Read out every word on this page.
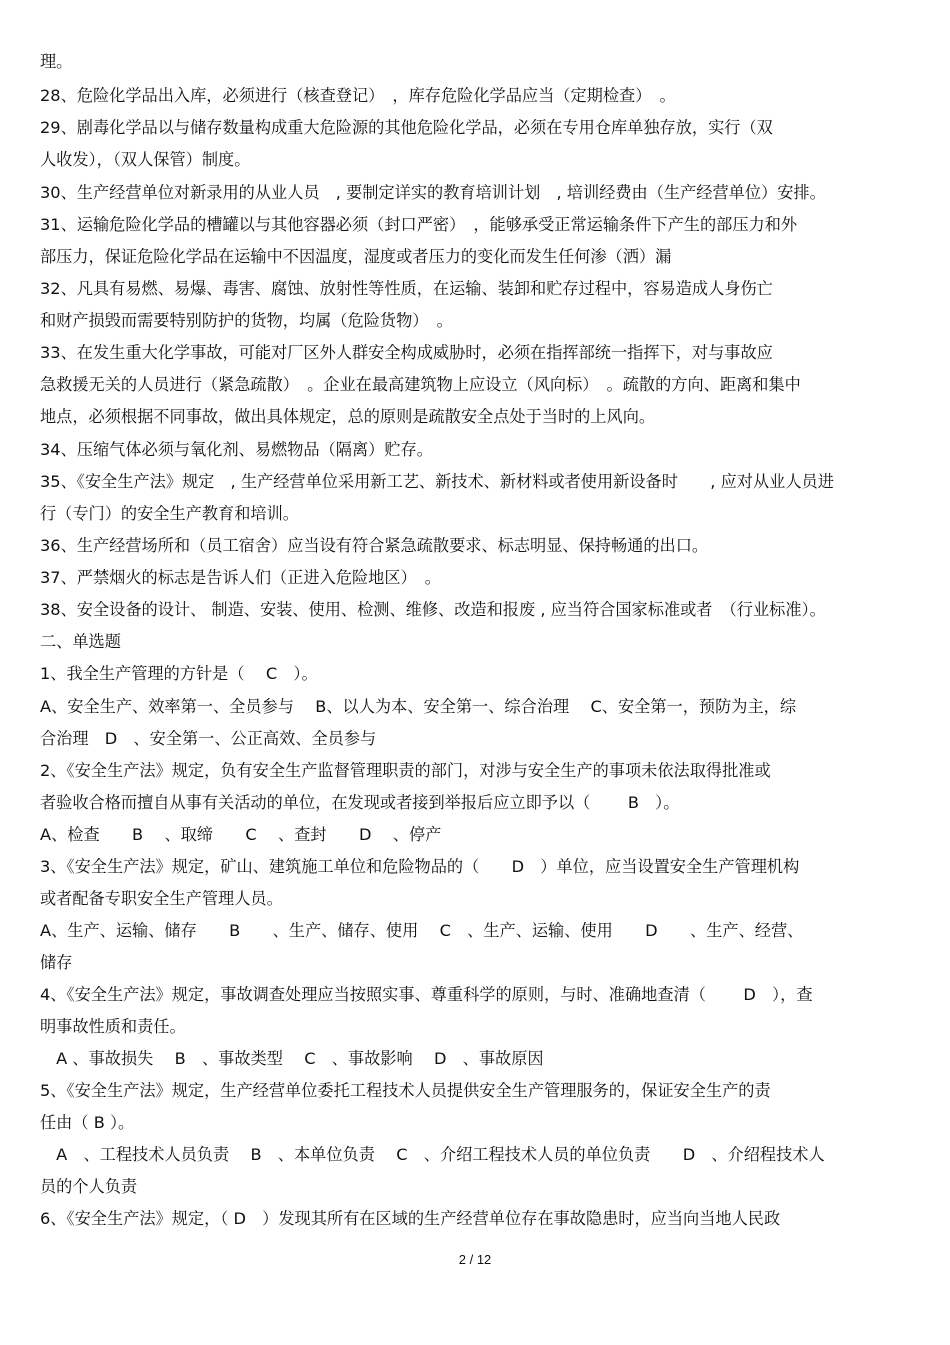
理。
28、危险化学品出入库，必须进行（核查登记）　，库存危险化学品应当（定期检查）　。
29、剧毒化学品以与储存数量构成重大危险源的其他危险化学品，必须在专用仓库单独存放，实行（双
人收发），（双人保管）制度。
30、生产经营单位对新录用的从业人员　, 要制定详实的教育培训计划　, 培训经费由（生产经营单位）安排。
31、运输危险化学品的槽罐以与其他容器必须（封口严密）　，能够承受正常运输条件下产生的部压力和外
部压力，保证危险化学品在运输中不因温度，湿度或者压力的变化而发生任何渗（洒）漏
32、凡具有易燃、易爆、毒害、腐蚀、放射性等性质，在运输、装卸和贮存过程中，容易造成人身伤亡
和财产损毁而需要特别防护的货物，均属（危险货物）　。
33、在发生重大化学事故，可能对厂区外人群安全构成威胁时，必须在指挥部统一指挥下，对与事故应
急救援无关的人员进行（紧急疏散）　。企业在最高建筑物上应设立（风向标）　。疏散的方向、距离和集中
地点，必须根据不同事故，做出具体规定，总的原则是疏散安全点处于当时的上风向。
34、压缩气体必须与氧化剂、易燃物品（隔离）贮存。
35、《安全生产法》规定　, 生产经营单位采用新工艺、新技术、新材料或者使用新设备时　　, 应对从业人员进
行（专门）的安全生产教育和培训。
36、生产经营场所和（员工宿舍）应当设有符合紧急疏散要求、标志明显、保持畅通的出口。
37、严禁烟火的标志是告诉人们（正进入危险地区）　。
38、安全设备的设计、 制造、安装、使用、检测、维修、改造和报废 , 应当符合国家标准或者　（行业标准）。
二、单选题
1、我全生产管理的方针是（　 C　）。
A、安全生产、效率第一、全员参与　 B、以人为本、安全第一、综合治理　 C、安全第一，预防为主，综
合治理　D　、安全第一、公正高效、全员参与
2、《安全生产法》规定，负有安全生产监督管理职责的部门，对涉与安全生产的事项未依法取得批准或
者验收合格而擅自从事有关活动的单位，在发现或者接到举报后应立即予以（　　 B　）。
A、检查　　B　 、取缔　　C　 、查封　　D　 、停产
3、《安全生产法》规定，矿山、建筑施工单位和危险物品的（　　D　）单位，应当设置安全生产管理机构
或者配备专职安全生产管理人员。
A、生产、运输、储存　　B　　、生产、储存、使用　 C　、生产、运输、使用　　D　　、生产、经营、
储存
4、《安全生产法》规定，事故调查处理应当按照实事、尊重科学的原则，与时、准确地查清（　　 D　），查
明事故性质和责任。
　A 、事故损失　 B　、事故类型　 C　、事故影响　 D　、事故原因
5、《安全生产法》规定，生产经营单位委托工程技术人员提供安全生产管理服务的，保证安全生产的责
任由（ B ）。
　A　、工程技术人员负责　 B　、本单位负责　 C　、介绍工程技术人员的单位负责　　D　、介绍程技术人
员的个人负责
6、《安全生产法》规定，（ D　）发现其所有在区域的生产经营单位存在事故隐患时，应当向当地人民政
2 / 12
